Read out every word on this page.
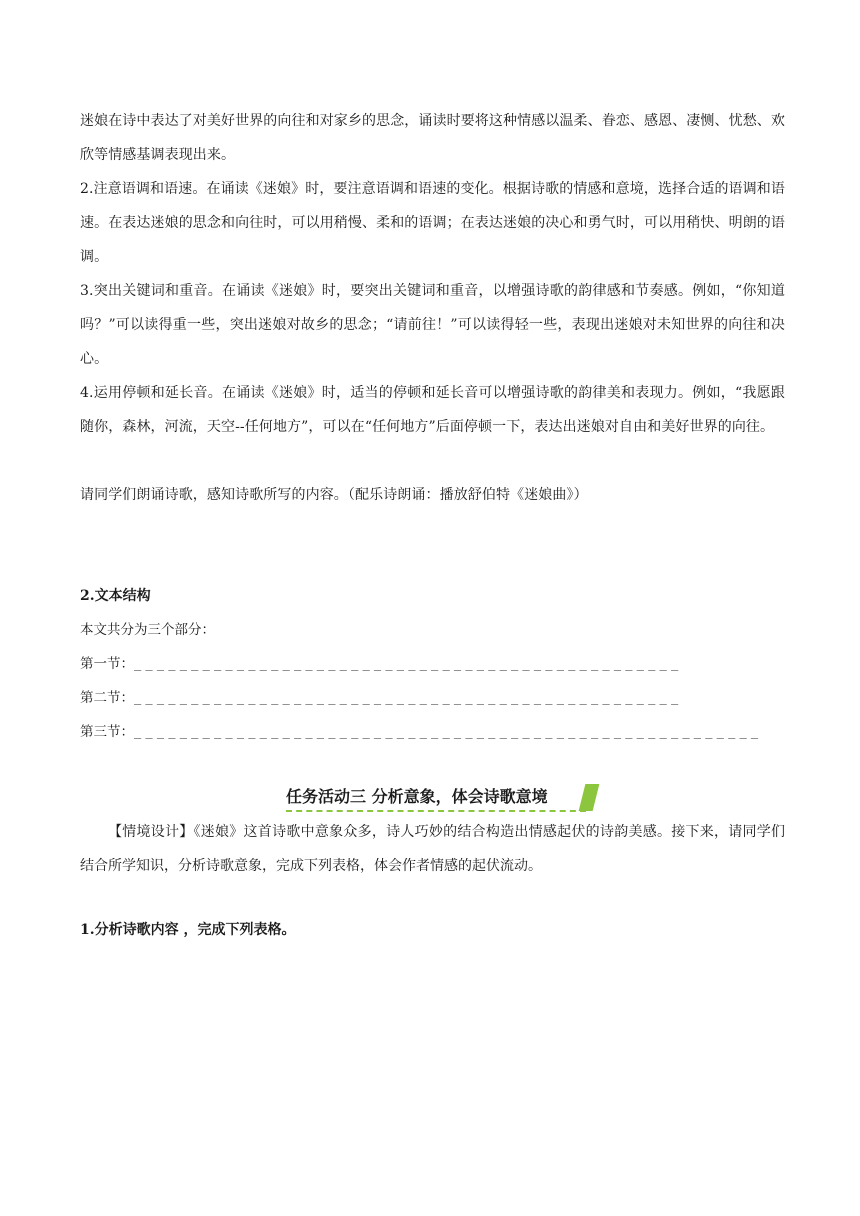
迷娘在诗中表达了对美好世界的向往和对家乡的思念，诵读时要将这种情感以温柔、眷恋、感恩、凄恻、忧愁、欢欣等情感基调表现出来。

2.注意语调和语速。在诵读《迷娘》时，要注意语调和语速的变化。根据诗歌的情感和意境，选择合适的语调和语速。在表达迷娘的思念和向往时，可以用稍慢、柔和的语调；在表达迷娘的决心和勇气时，可以用稍快、明朗的语调。

3.突出关键词和重音。在诵读《迷娘》时，要突出关键词和重音，以增强诗歌的韵律感和节奏感。例如，“你知道吗？”可以读得重一些，突出迷娘对故乡的思念；“请前往！”可以读得轻一些，表现出迷娘对未知世界的向往和决心。

4.运用停顿和延长音。在诵读《迷娘》时，适当的停顿和延长音可以增强诗歌的韵律美和表现力。例如，“我愿跟随你，森林，河流，天空--任何地方”，可以在“任何地方”后面停顿一下，表达出迷娘对自由和美好世界的向往。

请同学们朗诵诗歌，感知诗歌所写的内容。（配乐诗朗诵：播放舒伯特《迷娘曲》）

2.文本结构

本文共分为三个部分：

第一节：________________________________________________

第二节：________________________________________________

第三节：_______________________________________________________

任务活动三 分析意象，体会诗歌意境

【情境设计】《迷娘》这首诗歌中意象众多，诗人巧妙的结合构造出情感起伏的诗韵美感。接下来，请同学们结合所学知识，分析诗歌意象，完成下列表格，体会作者情感的起伏流动。

1.分析诗歌内容 ，完成下列表格。
